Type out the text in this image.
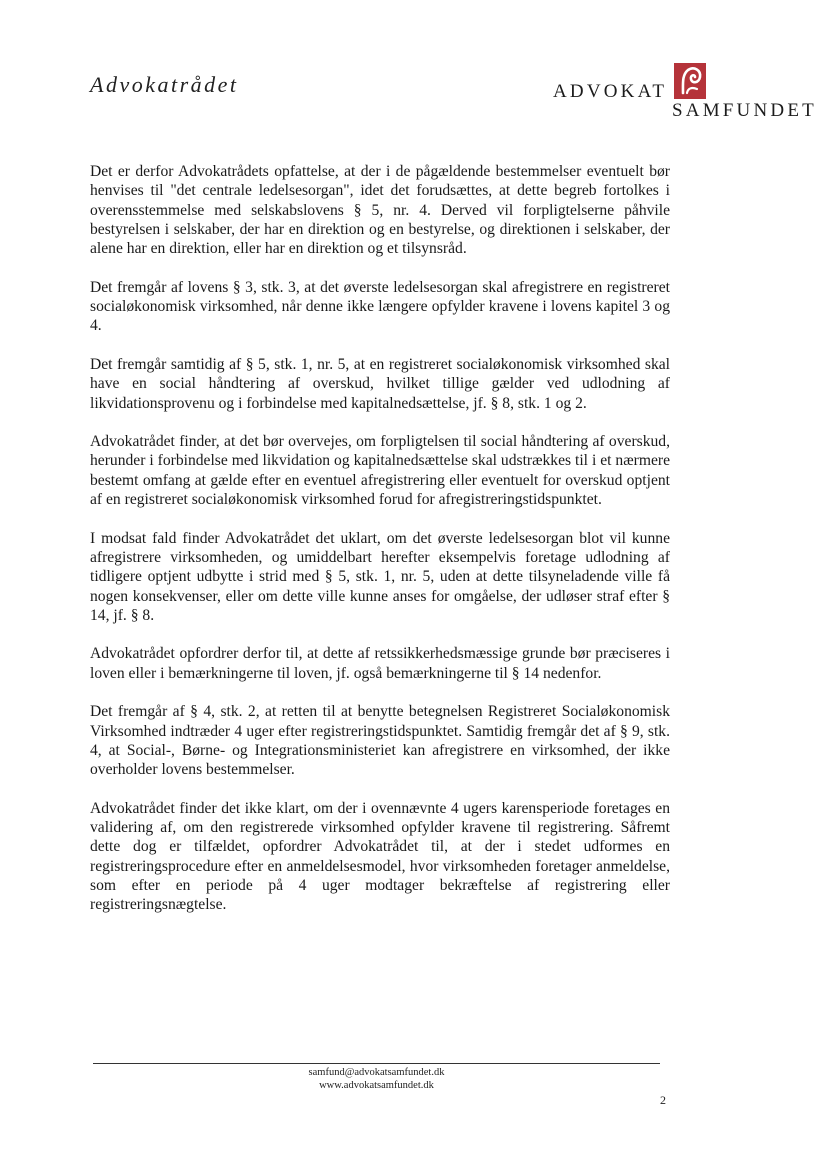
Advokatrådet	ADVOKAT
SAMFUNDET

Det er derfor Advokatrådets opfattelse, at der i de pågældende bestemmelser eventuelt bør henvises til "det centrale ledelsesorgan", idet det forudsættes, at dette begreb fortolkes i overensstemmelse med selskabslovens § 5, nr. 4. Derved vil forpligtelserne påhvile bestyrelsen i selskaber, der har en direktion og en bestyrelse, og direktionen i selskaber, der alene har en direktion, eller har en direktion og et tilsynsråd.

Det fremgår af lovens § 3, stk. 3, at det øverste ledelsesorgan skal afregistrere en registreret socialøkonomisk virksomhed, når denne ikke længere opfylder kravene i lovens kapitel 3 og 4.

Det fremgår samtidig af § 5, stk. 1, nr. 5, at en registreret socialøkonomisk virksomhed skal have en social håndtering af overskud, hvilket tillige gælder ved udlodning af likvidationsprovenu og i forbindelse med kapitalnedsættelse, jf. § 8, stk. 1 og 2.

Advokatrådet finder, at det bør overvejes, om forpligtelsen til social håndtering af overskud, herunder i forbindelse med likvidation og kapitalnedsættelse skal udstrækkes til i et nærmere bestemt omfang at gælde efter en eventuel afregistrering eller eventuelt for overskud optjent af en registreret socialøkonomisk virksomhed forud for afregistreringstidspunktet.

I modsat fald finder Advokatrådet det uklart, om det øverste ledelsesorgan blot vil kunne afregistrere virksomheden, og umiddelbart herefter eksempelvis foretage udlodning af tidligere optjent udbytte i strid med § 5, stk. 1, nr. 5, uden at dette tilsyneladende ville få nogen konsekvenser, eller om dette ville kunne anses for omgåelse, der udløser straf efter § 14, jf. § 8.

Advokatrådet opfordrer derfor til, at dette af retssikkerhedsmæssige grunde bør præciseres i loven eller i bemærkningerne til loven, jf. også bemærkningerne til § 14 nedenfor.

Det fremgår af § 4, stk. 2, at retten til at benytte betegnelsen Registreret Socialøkonomisk Virksomhed indtræder 4 uger efter registreringstidspunktet. Samtidig fremgår det af § 9, stk. 4, at Social-, Børne- og Integrationsministeriet kan afregistrere en virksomhed, der ikke overholder lovens bestemmelser.

Advokatrådet finder det ikke klart, om der i ovennævnte 4 ugers karensperiode foretages en validering af, om den registrerede virksomhed opfylder kravene til registrering. Såfremt dette dog er tilfældet, opfordrer Advokatrådet til, at der i stedet udformes en registreringsprocedure efter en anmeldelsesmodel, hvor virksomheden foretager anmeldelse, som efter en periode på 4 uger modtager bekræftelse af registrering eller registreringsnægtelse.

samfund@advokatsamfundet.dk
www.advokatsamfundet.dk
2
